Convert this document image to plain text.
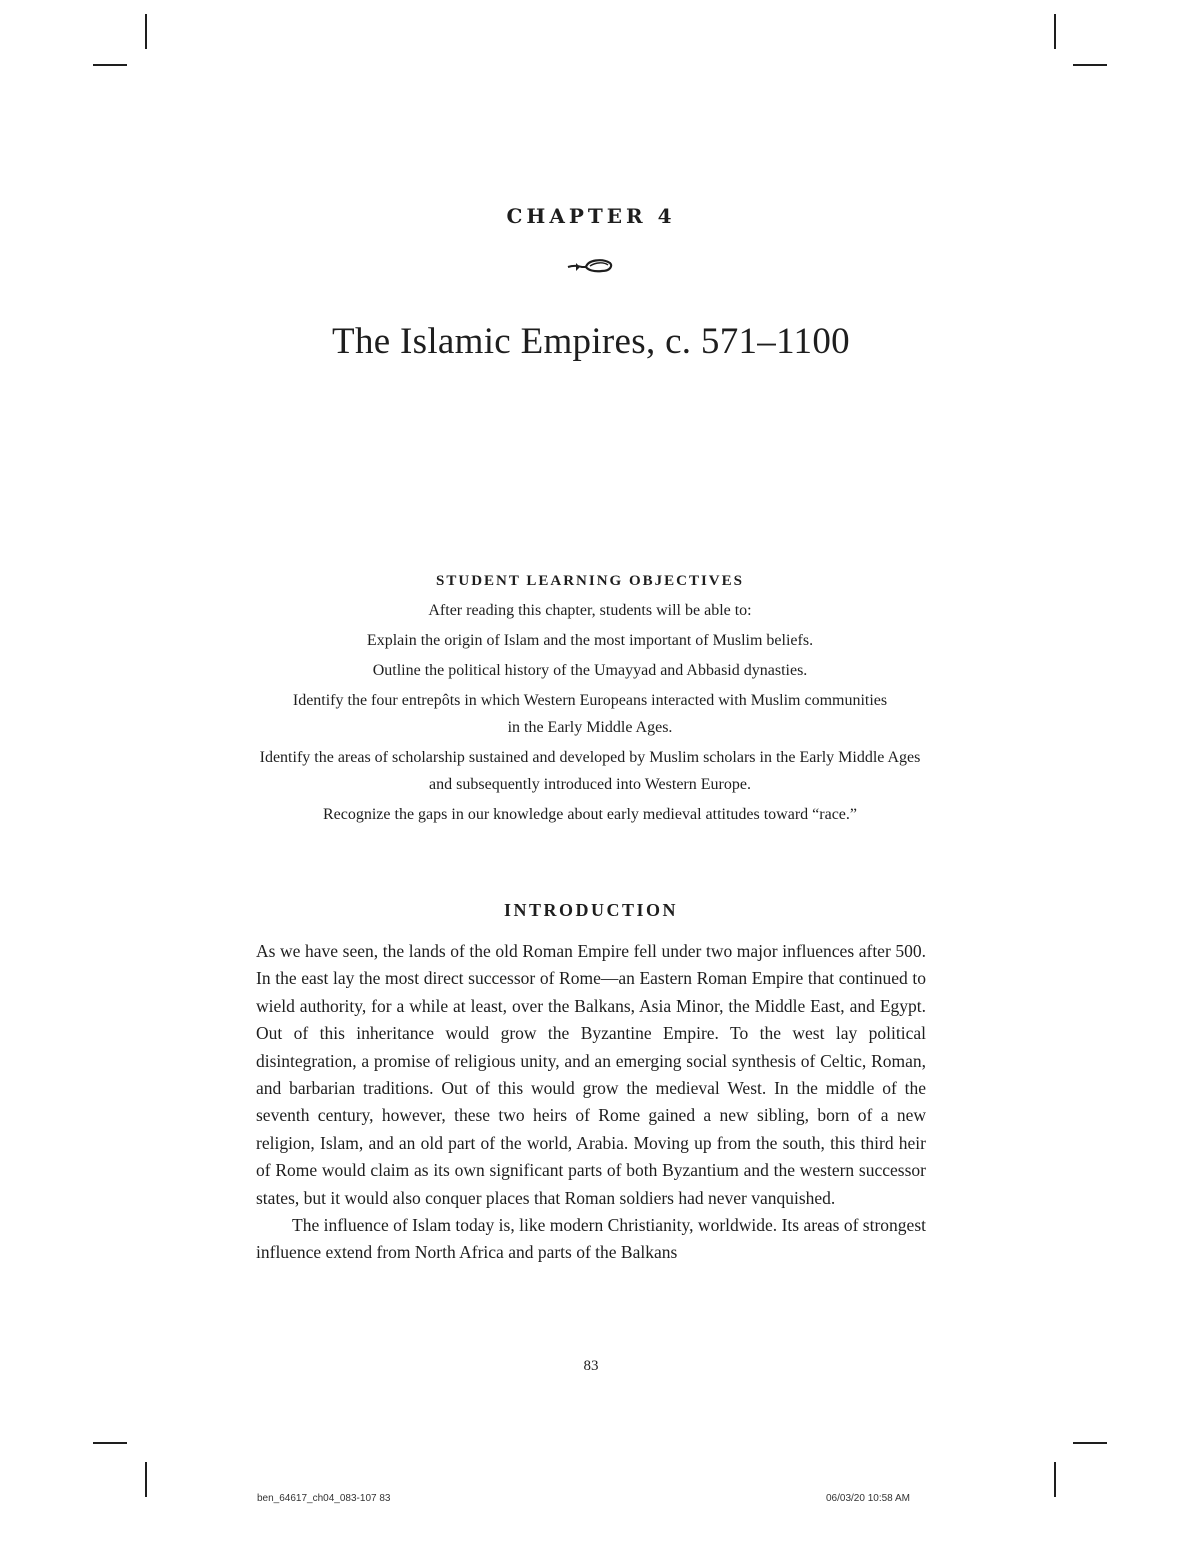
CHAPTER 4
The Islamic Empires, c. 571–1100
STUDENT LEARNING OBJECTIVES
After reading this chapter, students will be able to:
Explain the origin of Islam and the most important of Muslim beliefs.
Outline the political history of the Umayyad and Abbasid dynasties.
Identify the four entrepôts in which Western Europeans interacted with Muslim communities in the Early Middle Ages.
Identify the areas of scholarship sustained and developed by Muslim scholars in the Early Middle Ages and subsequently introduced into Western Europe.
Recognize the gaps in our knowledge about early medieval attitudes toward “race.”
INTRODUCTION

As we have seen, the lands of the old Roman Empire fell under two major influences after 500. In the east lay the most direct successor of Rome—an Eastern Roman Empire that continued to wield authority, for a while at least, over the Balkans, Asia Minor, the Middle East, and Egypt. Out of this inheritance would grow the Byzantine Empire. To the west lay political disintegration, a promise of religious unity, and an emerging social synthesis of Celtic, Roman, and barbarian traditions. Out of this would grow the medieval West. In the middle of the seventh century, however, these two heirs of Rome gained a new sibling, born of a new religion, Islam, and an old part of the world, Arabia. Moving up from the south, this third heir of Rome would claim as its own significant parts of both Byzantium and the western successor states, but it would also conquer places that Roman soldiers had never vanquished.

The influence of Islam today is, like modern Christianity, worldwide. Its areas of strongest influence extend from North Africa and parts of the Balkans

83
ben_64617_ch04_083-107 83	06/03/20 10:58 AM
